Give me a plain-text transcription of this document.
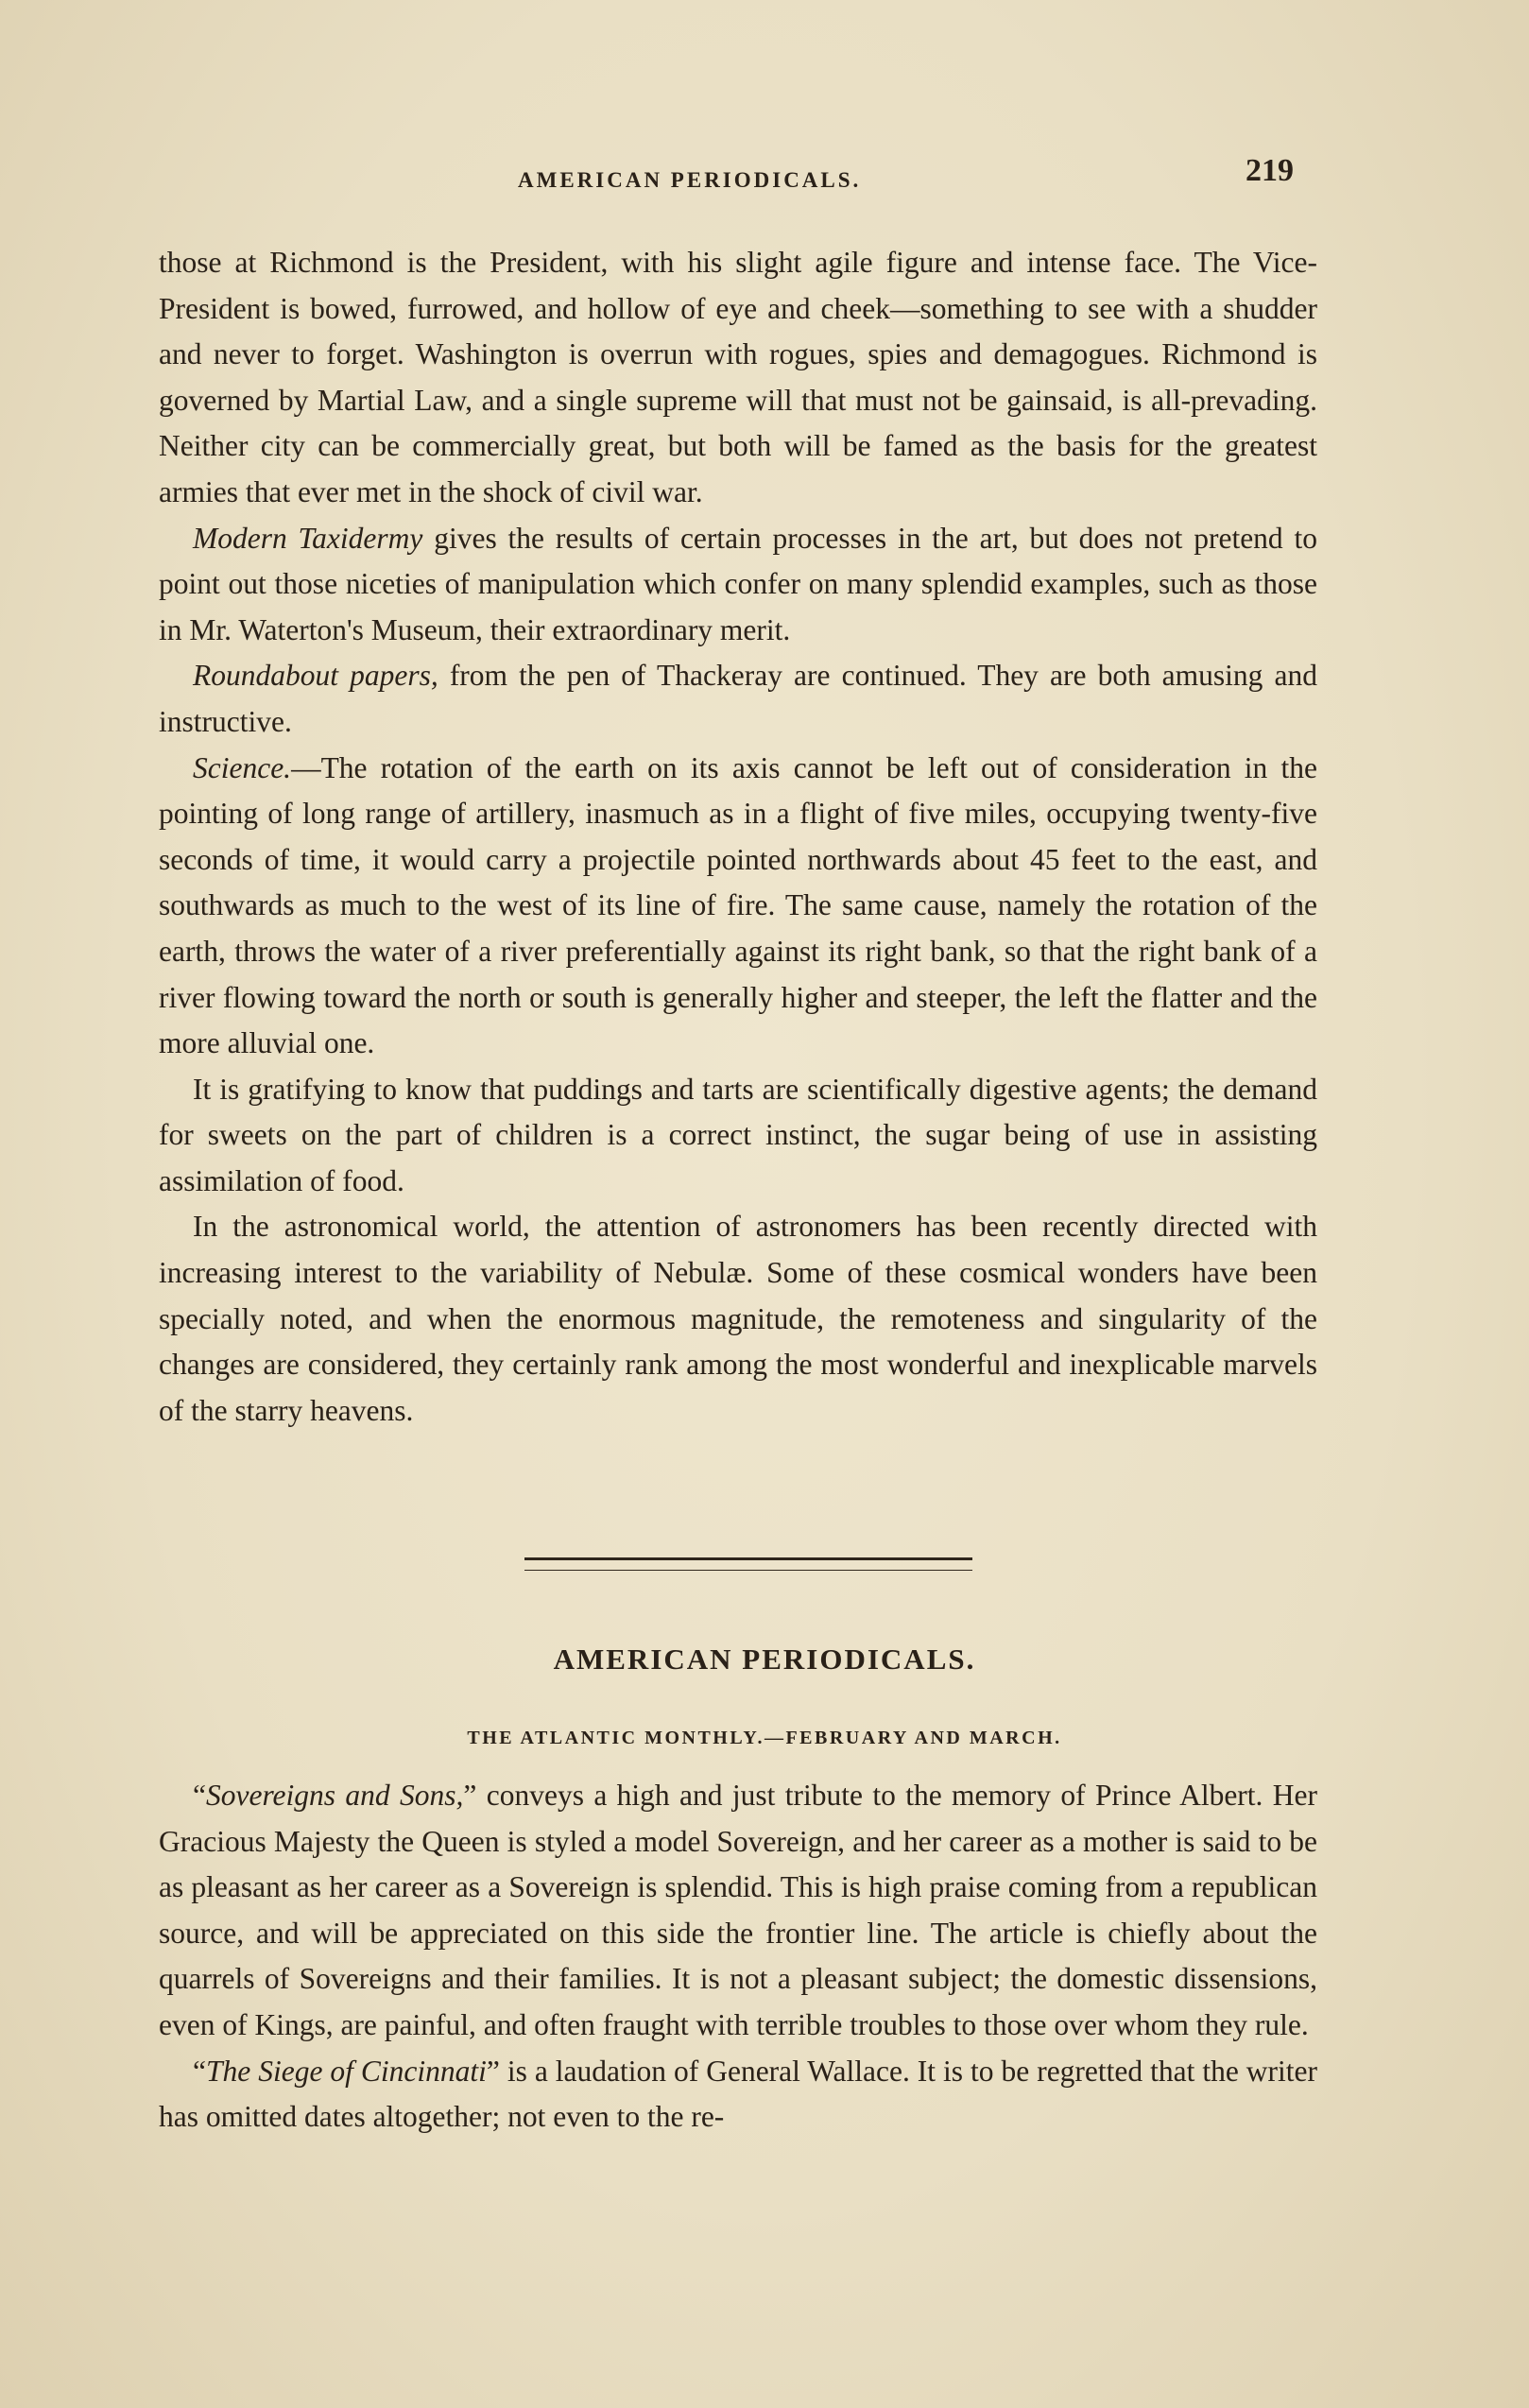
AMERICAN PERIODICALS.	219

those at Richmond is the President, with his slight agile figure and intense face. The Vice-President is bowed, furrowed, and hollow of eye and cheek—something to see with a shudder and never to forget. Washington is overrun with rogues, spies and demagogues. Richmond is governed by Martial Law, and a single supreme will that must not be gainsaid, is all-prevading. Neither city can be commercially great, but both will be famed as the basis for the greatest armies that ever met in the shock of civil war.

Modern Taxidermy gives the results of certain processes in the art, but does not pretend to point out those niceties of manipulation which confer on many splendid examples, such as those in Mr. Waterton's Museum, their extraordinary merit.

Roundabout papers, from the pen of Thackeray are continued. They are both amusing and instructive.

Science.—The rotation of the earth on its axis cannot be left out of consideration in the pointing of long range of artillery, inasmuch as in a flight of five miles, occupying twenty-five seconds of time, it would carry a projectile pointed northwards about 45 feet to the east, and southwards as much to the west of its line of fire. The same cause, namely the rotation of the earth, throws the water of a river preferentially against its right bank, so that the right bank of a river flowing toward the north or south is generally higher and steeper, the left the flatter and the more alluvial one.

It is gratifying to know that puddings and tarts are scientifically digestive agents; the demand for sweets on the part of children is a correct instinct, the sugar being of use in assisting assimilation of food.

In the astronomical world, the attention of astronomers has been recently directed with increasing interest to the variability of Nebulæ. Some of these cosmical wonders have been specially noted, and when the enormous magnitude, the remoteness and singularity of the changes are considered, they certainly rank among the most wonderful and inexplicable marvels of the starry heavens.

AMERICAN PERIODICALS.
THE ATLANTIC MONTHLY.—FEBRUARY AND MARCH.

“Sovereigns and Sons,” conveys a high and just tribute to the memory of Prince Albert. Her Gracious Majesty the Queen is styled a model Sovereign, and her career as a mother is said to be as pleasant as her career as a Sovereign is splendid. This is high praise coming from a republican source, and will be appreciated on this side the frontier line. The article is chiefly about the quarrels of Sovereigns and their families. It is not a pleasant subject; the domestic dissensions, even of Kings, are painful, and often fraught with terrible troubles to those over whom they rule.

“The Siege of Cincinnati” is a laudation of General Wallace. It is to be regretted that the writer has omitted dates altogether; not even to the re-
